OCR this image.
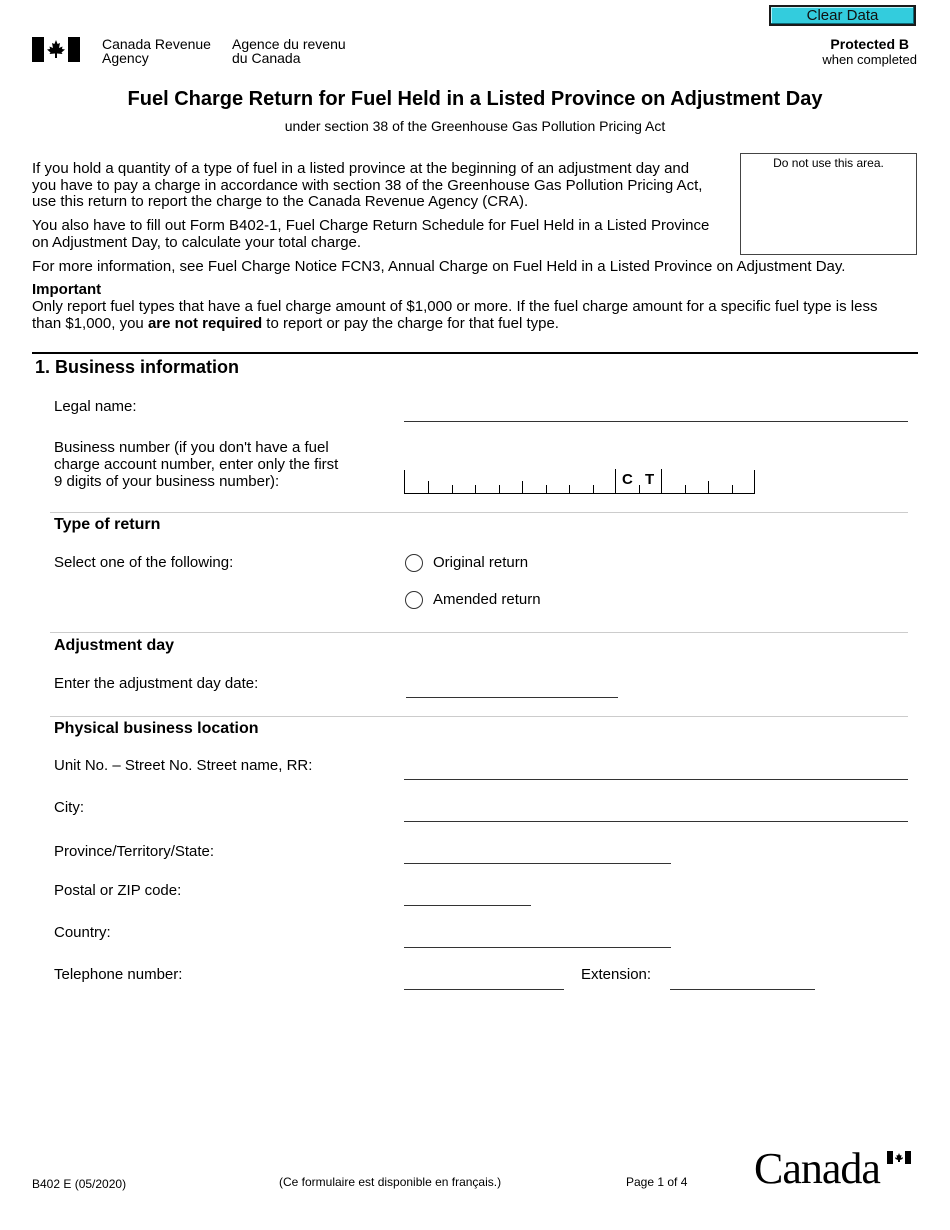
Clear Data
Canada Revenue
Agency
Agence du revenu
du Canada
Protected B
when completed
Fuel Charge Return for Fuel Held in a Listed Province on Adjustment Day
under section 38 of the Greenhouse Gas Pollution Pricing Act
Do not use this area.
If you hold a quantity of a type of fuel in a listed province at the beginning of an adjustment day and
you have to pay a charge in accordance with section 38 of the Greenhouse Gas Pollution Pricing Act,
use this return to report the charge to the Canada Revenue Agency (CRA).
You also have to fill out Form B402-1, Fuel Charge Return Schedule for Fuel Held in a Listed Province
on Adjustment Day, to calculate your total charge.
For more information, see Fuel Charge Notice FCN3, Annual Charge on Fuel Held in a Listed Province on Adjustment Day.
Important
Only report fuel types that have a fuel charge amount of $1,000 or more. If the fuel charge amount for a specific fuel type is less
than $1,000, you are not required to report or pay the charge for that fuel type.
1. Business information
Legal name:
Business number (if you don't have a fuel
charge account number, enter only the first
9 digits of your business number):	C T
Type of return
Select one of the following:	Original return
Amended return
Adjustment day
Enter the adjustment day date:
Physical business location
Unit No. – Street No. Street name, RR:
City:
Province/Territory/State:
Postal or ZIP code:
Country:
Telephone number:	Extension:
B402 E (05/2020)	(Ce formulaire est disponible en français.)	Page 1 of 4 Canada
